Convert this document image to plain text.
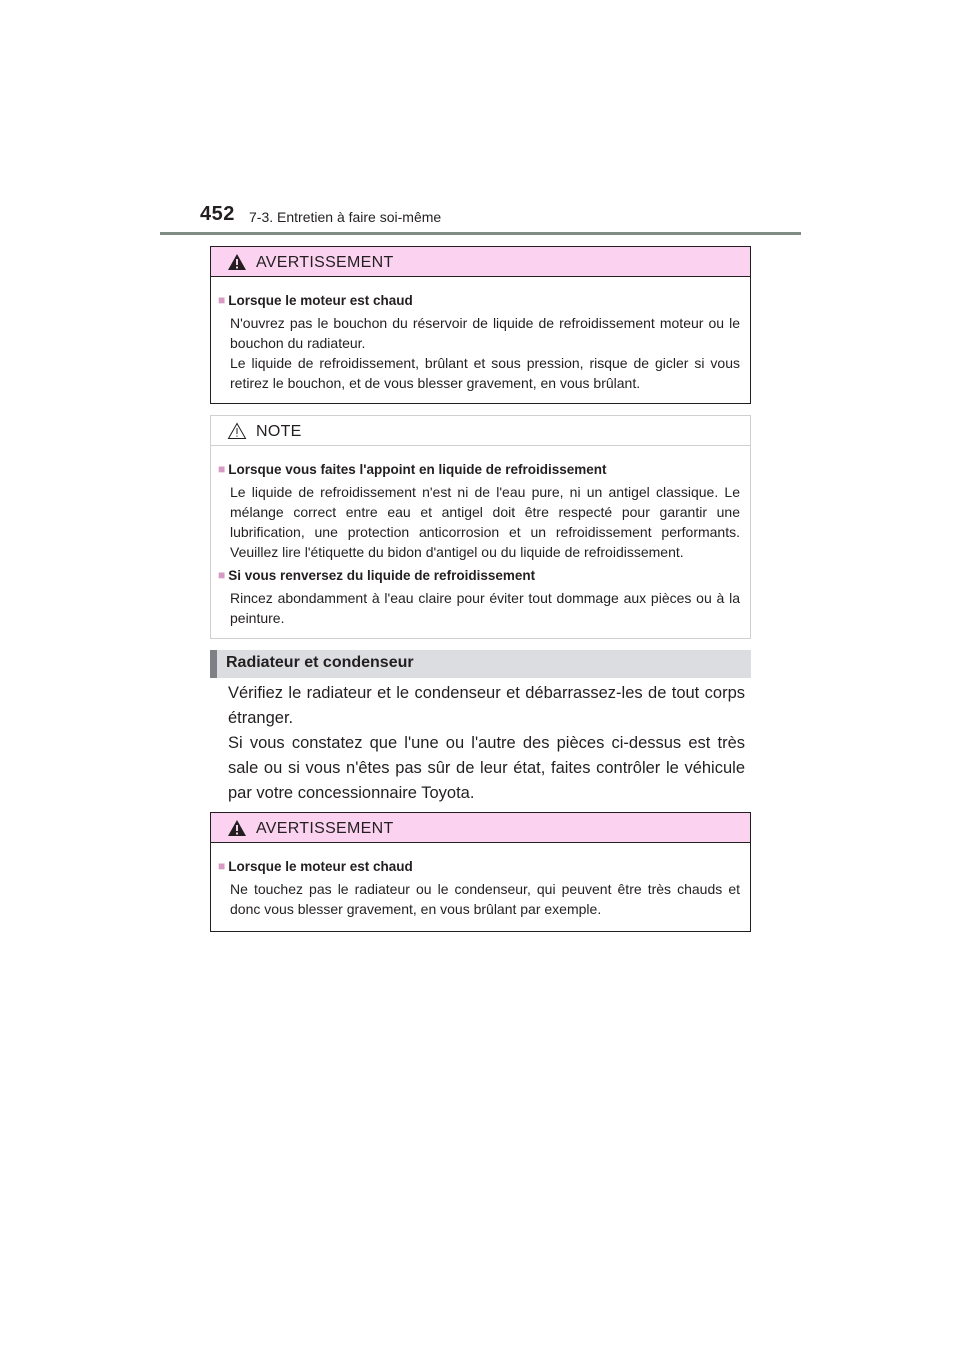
452 7-3. Entretien à faire soi-même
AVERTISSEMENT
■ Lorsque le moteur est chaud
N'ouvrez pas le bouchon du réservoir de liquide de refroidissement moteur ou le bouchon du radiateur.
Le liquide de refroidissement, brûlant et sous pression, risque de gicler si vous retirez le bouchon, et de vous blesser gravement, en vous brûlant.
NOTE
■ Lorsque vous faites l'appoint en liquide de refroidissement
Le liquide de refroidissement n'est ni de l'eau pure, ni un antigel classique. Le mélange correct entre eau et antigel doit être respecté pour garantir une lubrification, une protection anticorrosion et un refroidissement performants. Veuillez lire l'étiquette du bidon d'antigel ou du liquide de refroidissement.
■ Si vous renversez du liquide de refroidissement
Rincez abondamment à l'eau claire pour éviter tout dommage aux pièces ou à la peinture.
Radiateur et condenseur
Vérifiez le radiateur et le condenseur et débarrassez-les de tout corps étranger.
Si vous constatez que l'une ou l'autre des pièces ci-dessus est très sale ou si vous n'êtes pas sûr de leur état, faites contrôler le véhicule par votre concessionnaire Toyota.
AVERTISSEMENT
■ Lorsque le moteur est chaud
Ne touchez pas le radiateur ou le condenseur, qui peuvent être très chauds et donc vous blesser gravement, en vous brûlant par exemple.
